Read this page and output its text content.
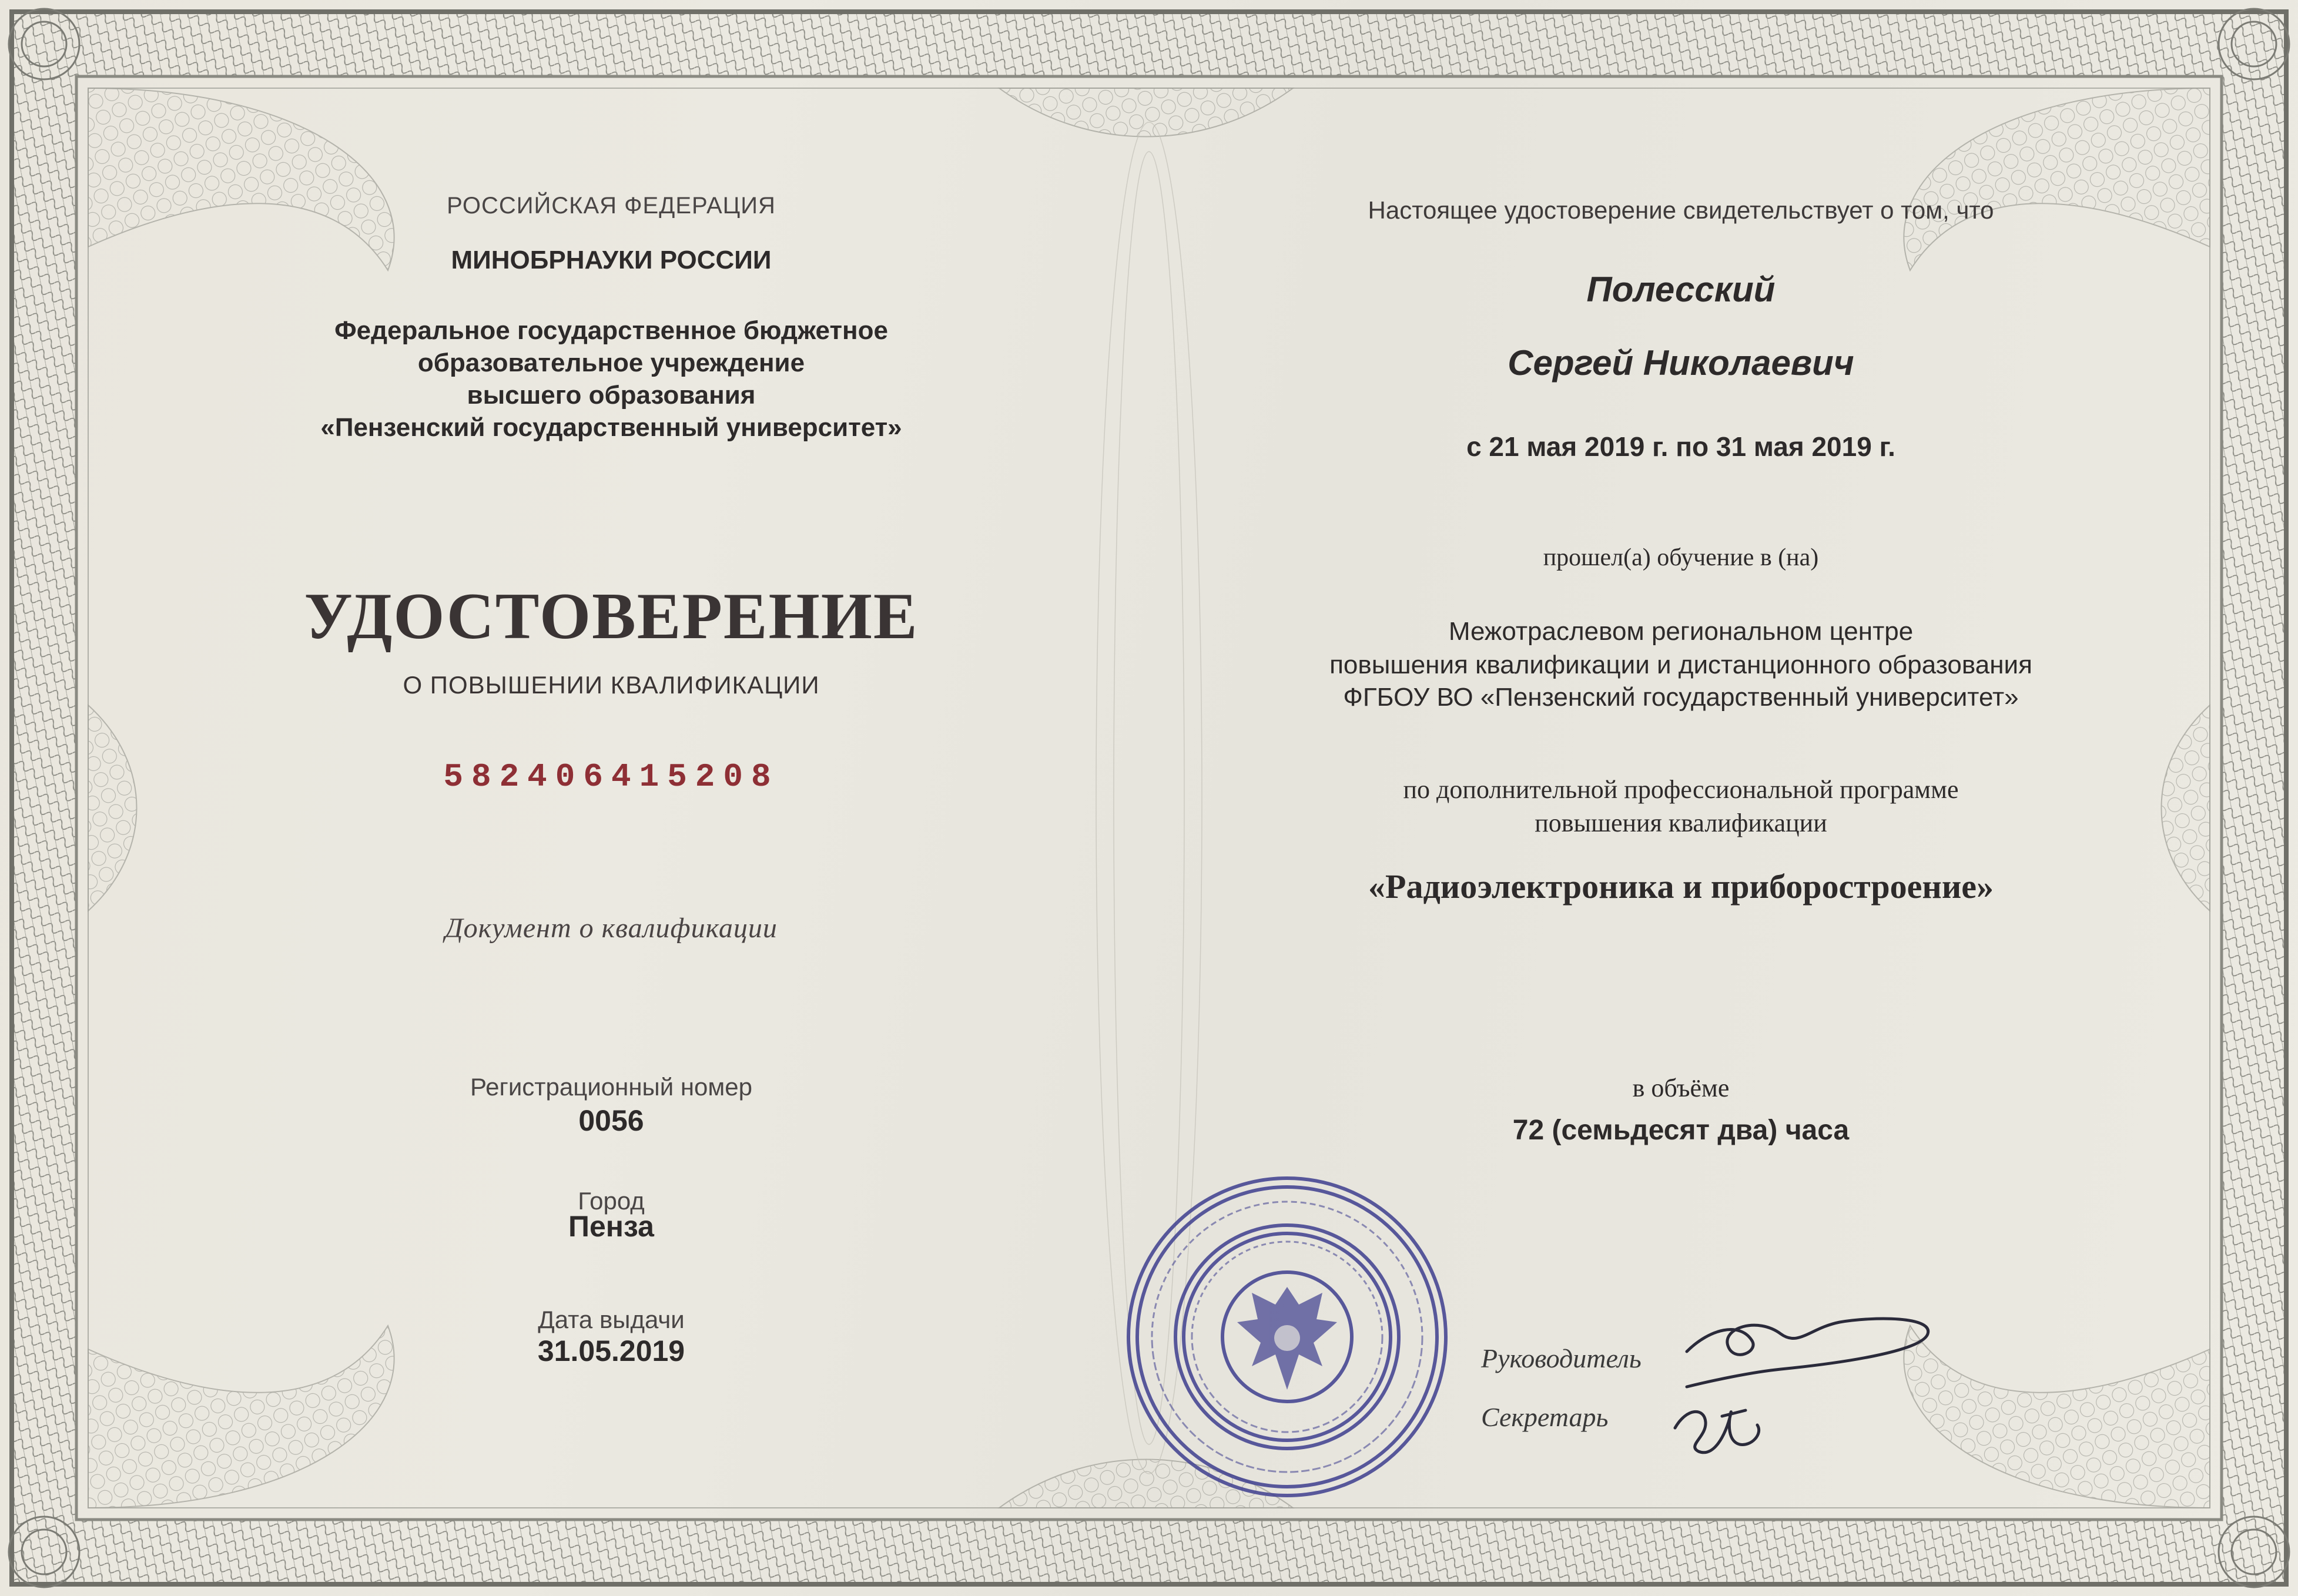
РОССИЙСКАЯ ФЕДЕРАЦИЯ
МИНОБРНАУКИ РОССИИ
Федеральное государственное бюджетное
образовательное учреждение
высшего образования
«Пензенский государственный университет»
УДОСТОВЕРЕНИЕ
О ПОВЫШЕНИИ КВАЛИФИКАЦИИ
582406415208
Документ о квалификации
Регистрационный номер
0056
Город
Пенза
Дата выдачи
31.05.2019
Настоящее удостоверение свидетельствует о том, что
Полесский
Сергей Николаевич
с 21 мая 2019 г. по 31 мая 2019 г.
прошел(а) обучение в (на)
Межотраслевом региональном центре
повышения квалификации и дистанционного образования
ФГБОУ ВО «Пензенский государственный университет»
по дополнительной профессиональной программе
повышения квалификации
«Радиоэлектроника и приборостроение»
в объёме
72 (семьдесят два) часа
Руководитель
Секретарь
